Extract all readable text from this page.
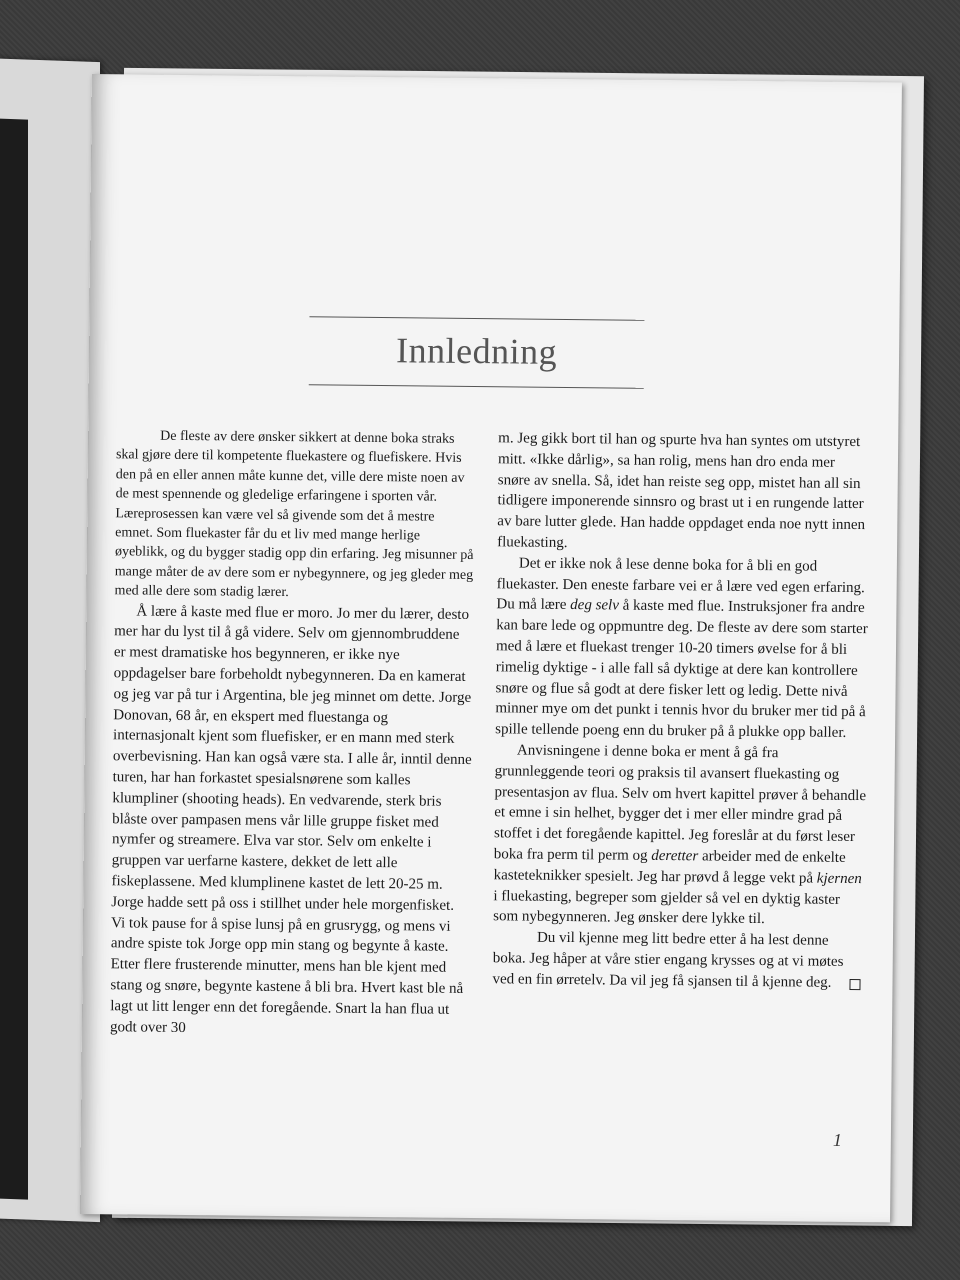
Innledning

De fleste av dere ønsker sikkert at denne boka straks skal gjøre dere til kompetente fluekastere og fluefiskere. Hvis den på en eller annen måte kunne det, ville dere miste noen av de mest spennende og gledelige erfaringene i sporten vår. Læreprosessen kan være vel så givende som det å mestre emnet. Som fluekaster får du et liv med mange herlige øyeblikk, og du bygger stadig opp din erfaring. Jeg misunner på mange måter de av dere som er nybegynnere, og jeg gleder meg med alle dere som stadig lærer.

Å lære å kaste med flue er moro. Jo mer du lærer, desto mer har du lyst til å gå videre. Selv om gjennombruddene er mest dramatiske hos begynneren, er ikke nye oppdagelser bare forbeholdt nybegynneren. Da en kamerat og jeg var på tur i Argentina, ble jeg minnet om dette. Jorge Donovan, 68 år, en ekspert med fluestanga og internasjonalt kjent som fluefisker, er en mann med sterk overbevisning. Han kan også være sta. I alle år, inntil denne turen, har han forkastet spesialsnørene som kalles klumpliner (shooting heads). En vedvarende, sterk bris blåste over pampasen mens vår lille gruppe fisket med nymfer og streamere. Elva var stor. Selv om enkelte i gruppen var uerfarne kastere, dekket de lett alle fiskeplassene. Med klumplinene kastet de lett 20-25 m. Jorge hadde sett på oss i stillhet under hele morgenfisket. Vi tok pause for å spise lunsj på en grusrygg, og mens vi andre spiste tok Jorge opp min stang og begynte å kaste. Etter flere frusterende minutter, mens han ble kjent med stang og snøre, begynte kastene å bli bra. Hvert kast ble nå lagt ut litt lenger enn det foregående. Snart la han flua ut godt over 30

m. Jeg gikk bort til han og spurte hva han syntes om utstyret mitt. «Ikke dårlig», sa han rolig, mens han dro enda mer snøre av snella. Så, idet han reiste seg opp, mistet han all sin tidligere imponerende sinnsro og brast ut i en rungende latter av bare lutter glede. Han hadde oppdaget enda noe nytt innen fluekasting.

Det er ikke nok å lese denne boka for å bli en god fluekaster. Den eneste farbare vei er å lære ved egen erfaring. Du må lære deg selv å kaste med flue. Instruksjoner fra andre kan bare lede og oppmuntre deg. De fleste av dere som starter med å lære et fluekast trenger 10-20 timers øvelse for å bli rimelig dyktige - i alle fall så dyktige at dere kan kontrollere snøre og flue så godt at dere fisker lett og ledig. Dette nivå minner mye om det punkt i tennis hvor du bruker mer tid på å spille tellende poeng enn du bruker på å plukke opp baller.

Anvisningene i denne boka er ment å gå fra grunnleggende teori og praksis til avansert fluekasting og presentasjon av flua. Selv om hvert kapittel prøver å behandle et emne i sin helhet, bygger det i mer eller mindre grad på stoffet i det foregående kapittel. Jeg foreslår at du først leser boka fra perm til perm og deretter arbeider med de enkelte kasteteknikker spesielt. Jeg har prøvd å legge vekt på kjernen i fluekasting, begreper som gjelder så vel en dyktig kaster som nybegynneren. Jeg ønsker dere lykke til.

Du vil kjenne meg litt bedre etter å ha lest denne boka. Jeg håper at våre stier engang krysses og at vi møtes ved en fin ørretelv. Da vil jeg få sjansen til å kjenne deg.

1
